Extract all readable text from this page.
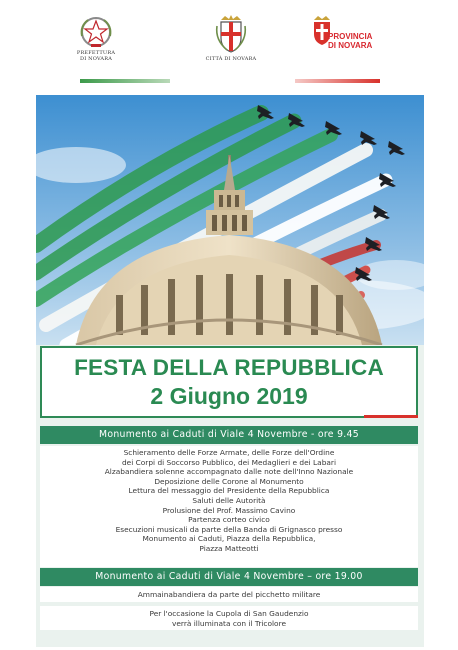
PREFETTURA
DI NOVARA	CITTÀ DI NOVARA
PROVINCIA
DI NOVARA
FESTA DELLA REPUBBLICA
2 Giugno 2019
Monumento ai Caduti di Viale 4 Novembre - ore 9.45
Schieramento delle Forze Armate, delle Forze dell'Ordine
dei Corpi di Soccorso Pubblico, dei Medaglieri e dei Labari
Alzabandiera solenne accompagnato dalle note dell'Inno Nazionale
Deposizione delle Corone al Monumento
Lettura del messaggio del Presidente della Repubblica
Saluti delle Autorità
Prolusione del Prof. Massimo Cavino
Partenza corteo civico
Esecuzioni musicali da parte della Banda di Grignasco presso
Monumento ai Caduti, Piazza della Repubblica,
Piazza Matteotti
Monumento ai Caduti di Viale 4 Novembre – ore 19.00
Ammainabandiera da parte del picchetto militare
Per l'occasione la Cupola di San Gaudenzio
verrà illuminata con il Tricolore
